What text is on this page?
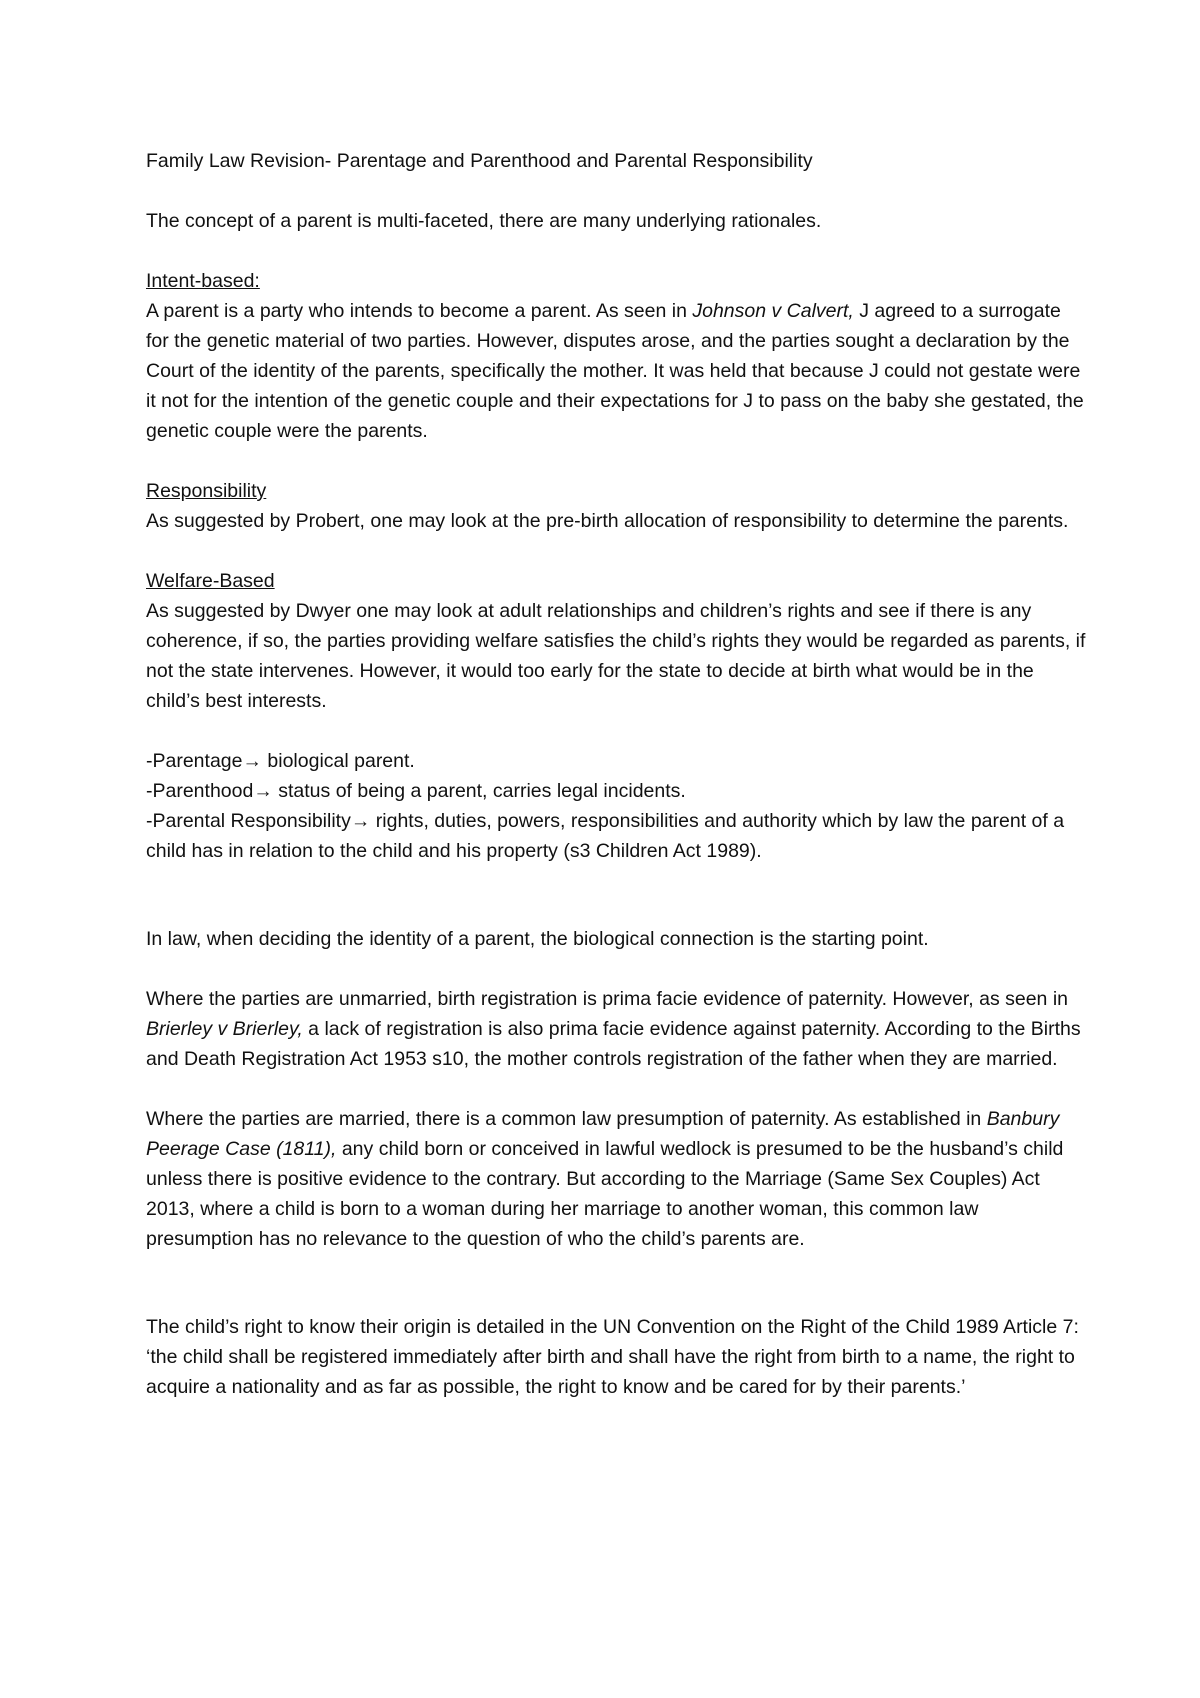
Family Law Revision- Parentage and Parenthood and Parental Responsibility

The concept of a parent is multi-faceted, there are many underlying rationales.

Intent-based:
A parent is a party who intends to become a parent. As seen in Johnson v Calvert, J agreed to a surrogate for the genetic material of two parties. However, disputes arose, and the parties sought a declaration by the Court of the identity of the parents, specifically the mother. It was held that because J could not gestate were it not for the intention of the genetic couple and their expectations for J to pass on the baby she gestated, the genetic couple were the parents.
Responsibility
As suggested by Probert, one may look at the pre-birth allocation of responsibility to determine the parents.
Welfare-Based
As suggested by Dwyer one may look at adult relationships and children’s rights and see if there is any coherence, if so, the parties providing welfare satisfies the child’s rights they would be regarded as parents, if not the state intervenes. However, it would too early for the state to decide at birth what would be in the child’s best interests.
-Parentage→ biological parent.
-Parenthood→ status of being a parent, carries legal incidents.
-Parental Responsibility→ rights, duties, powers, responsibilities and authority which by law the parent of a child has in relation to the child and his property (s3 Children Act 1989).

In law, when deciding the identity of a parent, the biological connection is the starting point.

Where the parties are unmarried, birth registration is prima facie evidence of paternity. However, as seen in Brierley v Brierley, a lack of registration is also prima facie evidence against paternity. According to the Births and Death Registration Act 1953 s10, the mother controls registration of the father when they are married.

Where the parties are married, there is a common law presumption of paternity. As established in Banbury Peerage Case (1811), any child born or conceived in lawful wedlock is presumed to be the husband’s child unless there is positive evidence to the contrary. But according to the Marriage (Same Sex Couples) Act 2013, where a child is born to a woman during her marriage to another woman, this common law presumption has no relevance to the question of who the child’s parents are.

The child’s right to know their origin is detailed in the UN Convention on the Right of the Child 1989 Article 7: ‘the child shall be registered immediately after birth and shall have the right from birth to a name, the right to acquire a nationality and as far as possible, the right to know and be cared for by their parents.’
